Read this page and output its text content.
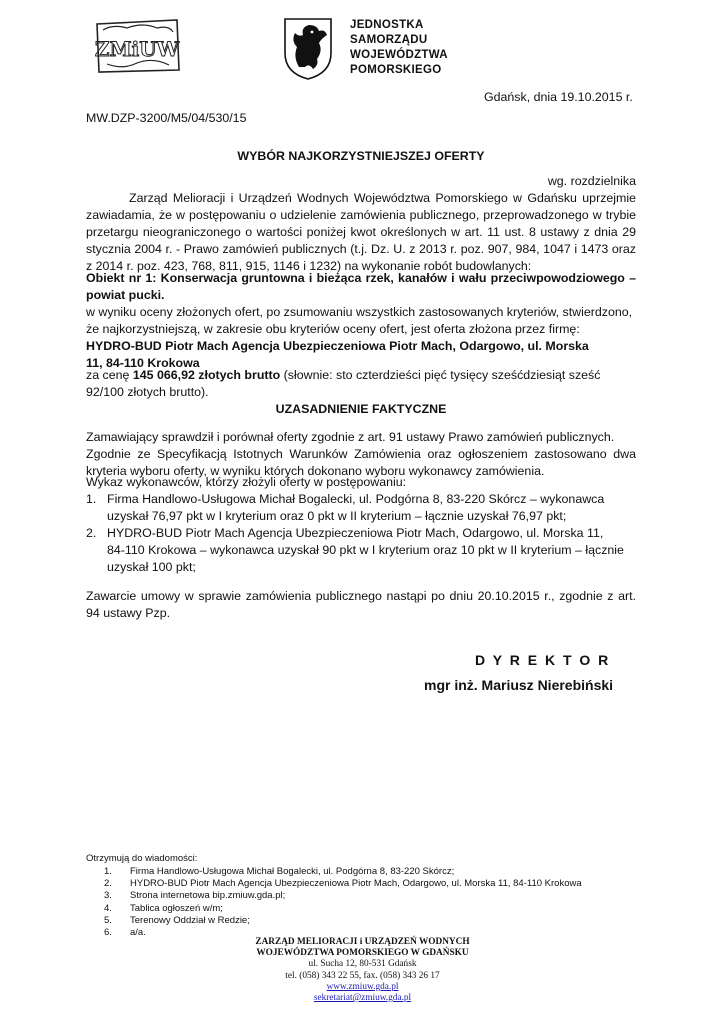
ZMiUW
JEDNOSTKA
SAMORZĄDU
WOJEWÓDZTWA
POMORSKIEGO
Gdańsk, dnia 19.10.2015 r.
MW.DZP-3200/M5/04/530/15
WYBÓR NAJKORZYSTNIEJSZEJ OFERTY
wg. rozdzielnika
Zarząd Melioracji i Urządzeń Wodnych Województwa Pomorskiego w Gdańsku uprzejmie zawiadamia, że w postępowaniu o udzielenie zamówienia publicznego, przeprowadzonego w trybie przetargu nieograniczonego o wartości poniżej kwot określonych w art. 11 ust. 8 ustawy z dnia 29 stycznia 2004 r. - Prawo zamówień publicznych (t.j. Dz. U. z 2013 r. poz. 907, 984, 1047 i 1473 oraz z 2014 r. poz. 423, 768, 811, 915, 1146 i 1232) na wykonanie robót budowlanych:
Obiekt nr 1: Konserwacja gruntowna i bieżąca rzek, kanałów i wału przeciwpowodziowego – powiat pucki.
w wyniku oceny złożonych ofert, po zsumowaniu wszystkich zastosowanych kryteriów, stwierdzono,
że najkorzystniejszą, w zakresie obu kryteriów oceny ofert, jest oferta złożona przez firmę:
HYDRO-BUD Piotr Mach Agencja Ubezpieczeniowa Piotr Mach, Odargowo, ul. Morska 11, 84-110 Krokowa
za cenę 145 066,92 złotych brutto (słownie: sto czterdzieści pięć tysięcy sześćdziesiąt sześć 92/100 złotych brutto).
UZASADNIENIE FAKTYCZNE
Zamawiający sprawdził i porównał oferty zgodnie z art. 91 ustawy Prawo zamówień publicznych.
Zgodnie ze Specyfikacją Istotnych Warunków Zamówienia oraz ogłoszeniem zastosowano dwa kryteria wyboru oferty, w wyniku których dokonano wyboru wykonawcy zamówienia.
Wykaz wykonawców, którzy złożyli oferty w postępowaniu:
1. Firma Handlowo-Usługowa Michał Bogalecki, ul. Podgórna 8, 83-220 Skórcz – wykonawca
uzyskał 76,97 pkt w I kryterium oraz 0 pkt w II kryterium – łącznie uzyskał 76,97 pkt;
2. HYDRO-BUD Piotr Mach Agencja Ubezpieczeniowa Piotr Mach, Odargowo, ul. Morska 11,
84-110 Krokowa – wykonawca uzyskał 90 pkt w I kryterium oraz 10 pkt w II kryterium – łącznie
uzyskał 100 pkt;
Zawarcie umowy w sprawie zamówienia publicznego nastąpi po dniu 20.10.2015 r., zgodnie z art. 94 ustawy Pzp.
D Y R E K T O R
mgr inż. Mariusz Nierebiński
Otrzymują do wiadomości:
1. Firma Handlowo-Usługowa Michał Bogalecki, ul. Podgórna 8, 83-220 Skórcz;
2. HYDRO-BUD Piotr Mach Agencja Ubezpieczeniowa Piotr Mach, Odargowo, ul. Morska 11, 84-110 Krokowa
3. Strona internetowa bip.zmiuw.gda.pl;
4. Tablica ogłoszeń w/m;
5. Terenowy Oddział w Redzie;
6. a/a.
ZARZĄD MELIORACJI i URZĄDZEŃ WODNYCH
WOJEWÓDZTWA POMORSKIEGO W GDAŃSKU
ul. Sucha 12, 80-531 Gdańsk
tel. (058) 343 22 55, fax. (058) 343 26 17
www.zmiuw.gda.pl
sekretariat@zmiuw.gda.pl
